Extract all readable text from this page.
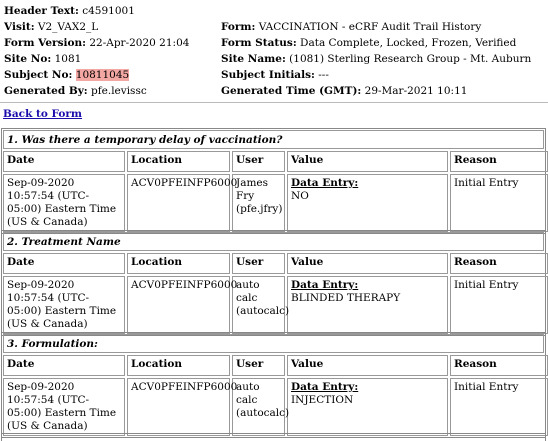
Header Text: c4591001
Visit: V2_VAX2_L	Form: VACCINATION - eCRF Audit Trail History
Form Version: 22-Apr-2020 21:04	Form Status: Data Complete, Locked, Frozen, Verified
Site No: 1081	Site Name: (1081) Sterling Research Group - Mt. Auburn
Subject No: 10811045	Subject Initials: ---
Generated By: pfe.levissc	Generated Time (GMT): 29-Mar-2021 10:11
Back to Form
1. Was there a temporary delay of vaccination?
Date	Location	User	Value	Reason

Sep-09-2020 10:57:54 (UTC-05:00) Eastern Time (US & Canada)	ACV0PFEINFP6000	James Fry (pfe.jfry)	Data Entry:
NO	Initial Entry
2. Treatment Name
Date	Location	User	Value	Reason

Sep-09-2020 10:57:54 (UTC-05:00) Eastern Time (US & Canada)	ACV0PFEINFP6000	auto calc (autocalc)	Data Entry:
BLINDED THERAPY	Initial Entry
3. Formulation:
Date	Location	User	Value	Reason

Sep-09-2020 10:57:54 (UTC-05:00) Eastern Time (US & Canada)	ACV0PFEINFP6000	auto calc (autocalc)	Data Entry:
INJECTION	Initial Entry
